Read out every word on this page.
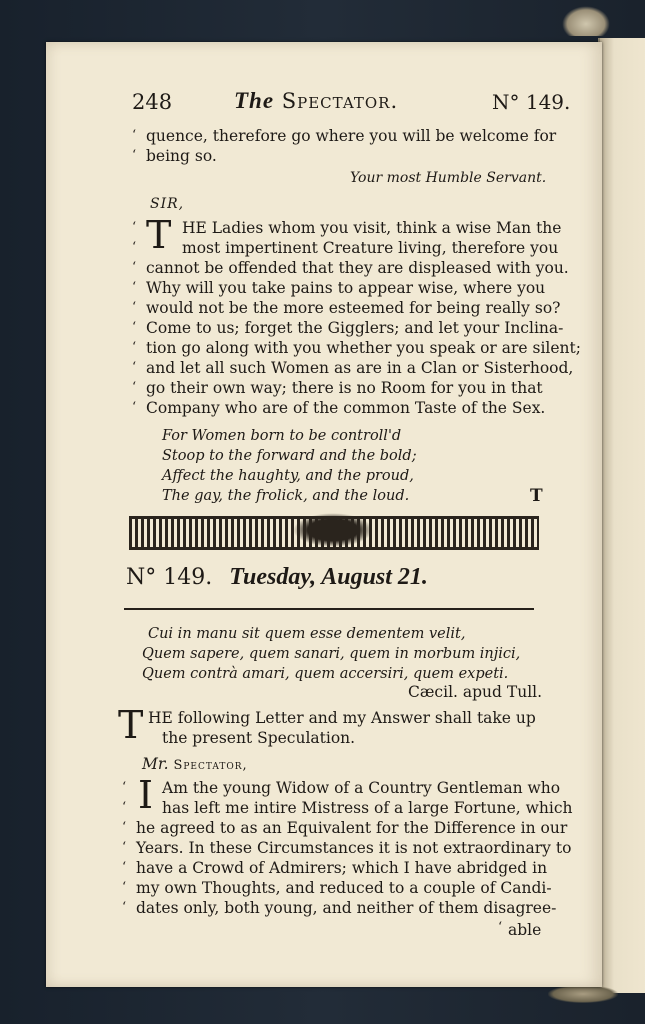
248	The Spectator.	N° 149.
quence, therefore go where you will be welcome for
being so.
Your most Humble Servant.
SIR,
T HE Ladies whom you visit, think a wise Man the
most impertinent Creature living, therefore you
cannot be offended that they are displeased with you.
Why will you take pains to appear wise, where you
would not be the more esteemed for being really so?
Come to us; forget the Gigglers; and let your Inclina-
tion go along with you whether you speak or are silent;
and let all such Women as are in a Clan or Sisterhood,
go their own way; there is no Room for you in that
Company who are of the common Taste of the Sex.
For Women born to be controll'd
Stoop to the forward and the bold;
Affect the haughty, and the proud,
The gay, the frolick, and the loud.	T
N° 149. Tuesday, August 21.
Cui in manu sit quem esse dementem velit,
Quem sapere, quem sanari, quem in morbum injici,
Quem contrà amari, quem accersiri, quem expeti.
Cæcil. apud Tull.
T HE following Letter and my Answer shall take up
the present Speculation.
Mr. Spectator,
I Am the young Widow of a Country Gentleman who
has left me intire Mistress of a large Fortune, which
he agreed to as an Equivalent for the Difference in our
Years. In these Circumstances it is not extraordinary to
have a Crowd of Admirers; which I have abridged in
my own Thoughts, and reduced to a couple of Candi-
dates only, both young, and neither of them disagree-
able
‘
‘
‘
‘
‘
‘
‘
‘
‘
‘
‘
‘
‘
‘
‘
‘
‘
‘
‘
‘
